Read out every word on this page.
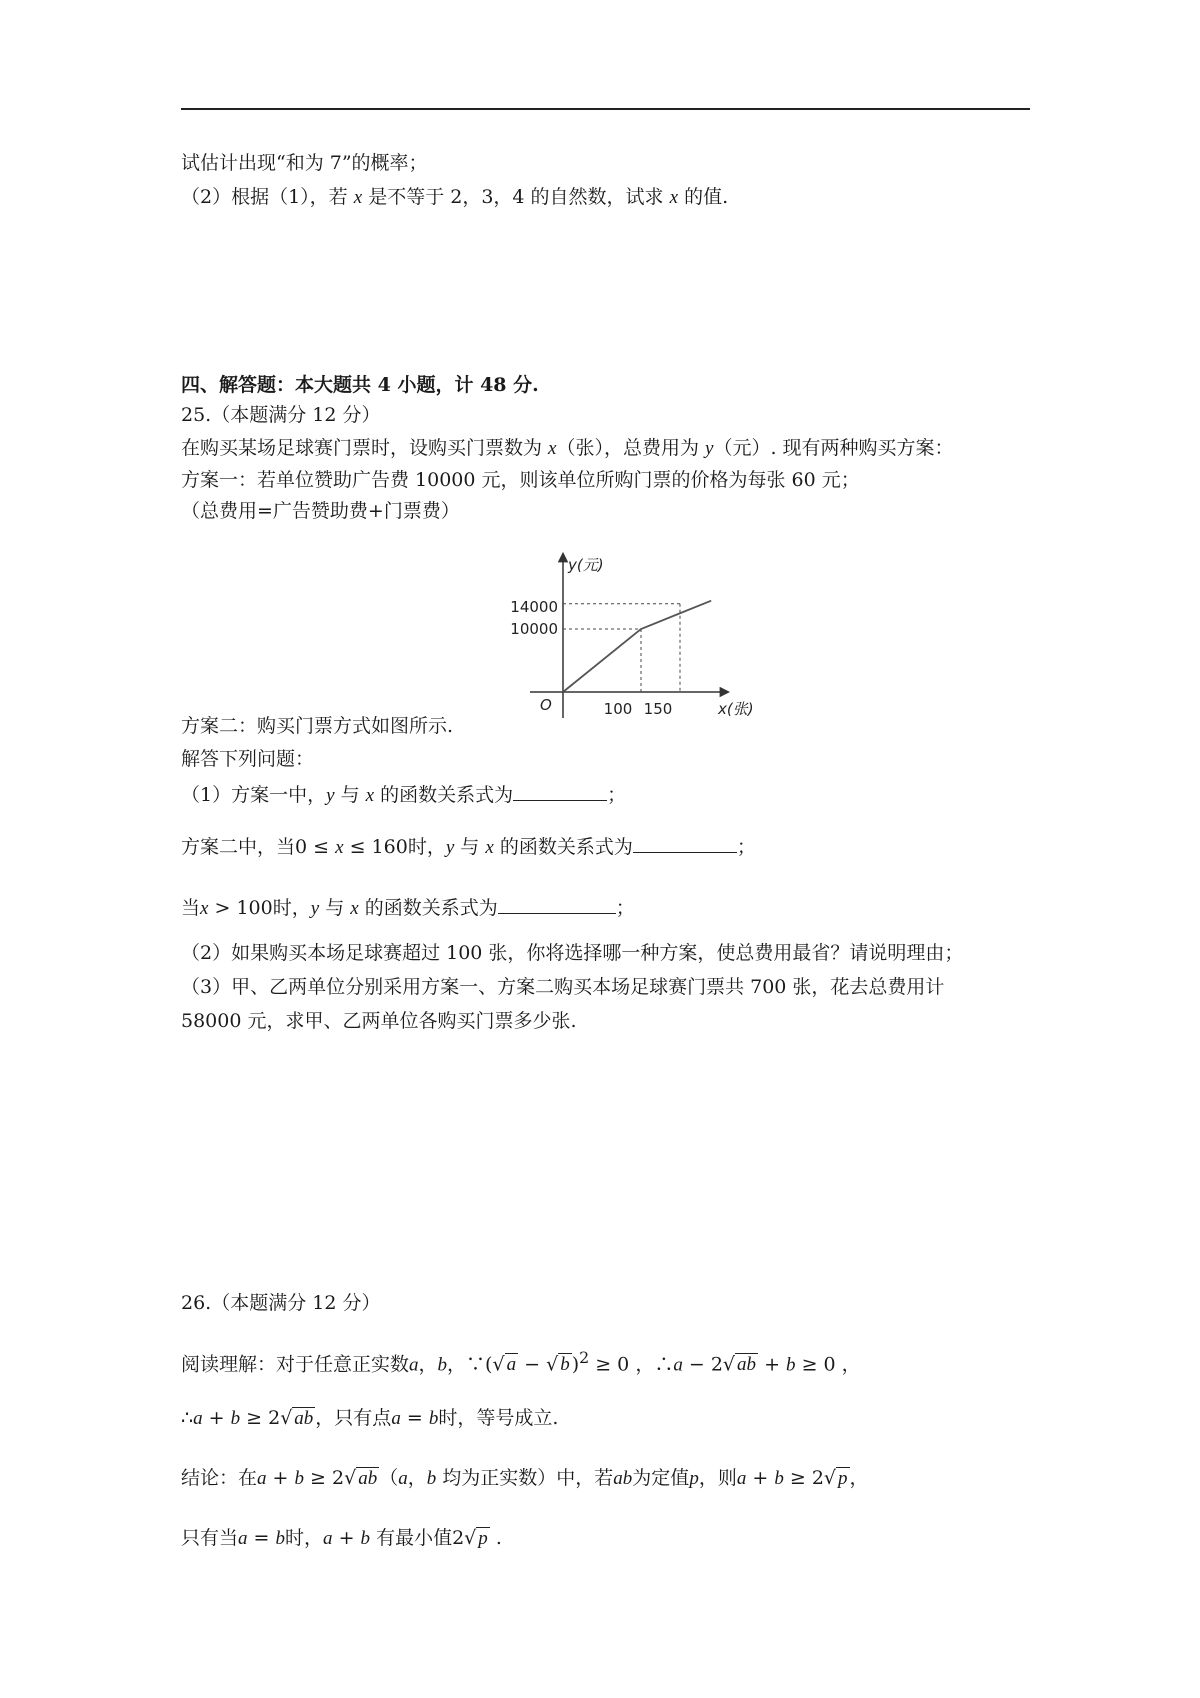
试估计出现“和为 7”的概率；
（2）根据（1），若 x 是不等于 2，3，4 的自然数，试求 x 的值.
四、解答题：本大题共 4 小题，计 48 分.
25.（本题满分 12 分）
在购买某场足球赛门票时，设购买门票数为 x（张），总费用为 y（元）. 现有两种购买方案：
方案一：若单位赞助广告费 10000 元，则该单位所购门票的价格为每张 60 元；
（总费用=广告赞助费+门票费）
y(元)
x(张)
O
14000
10000
100 150
方案二：购买门票方式如图所示.
解答下列问题：
（1）方案一中，y 与 x 的函数关系式为	；
方案二中，当0 ≤ x ≤ 160时，y 与 x 的函数关系式为	；
当x > 100时，y 与 x 的函数关系式为	；
（2）如果购买本场足球赛超过 100 张，你将选择哪一种方案，使总费用最省？请说明理由；
（3）甲、乙两单位分别采用方案一、方案二购买本场足球赛门票共 700 张，花去总费用计
58000 元，求甲、乙两单位各购买门票多少张.
26.（本题满分 12 分）
阅读理解：对于任意正实数a，b，∵(√ a − √ b )$^2$ ≥ 0 ，∴a − 2√ ab + b ≥ 0 ，
∴a + b ≥ 2√ ab ，只有点a = b时，等号成立.
结论：在a + b ≥ 2√ ab （a，b 均为正实数）中，若ab为定值p，则a + b ≥ 2√ p ，
只有当a = b时，a + b 有最小值2√ p .
